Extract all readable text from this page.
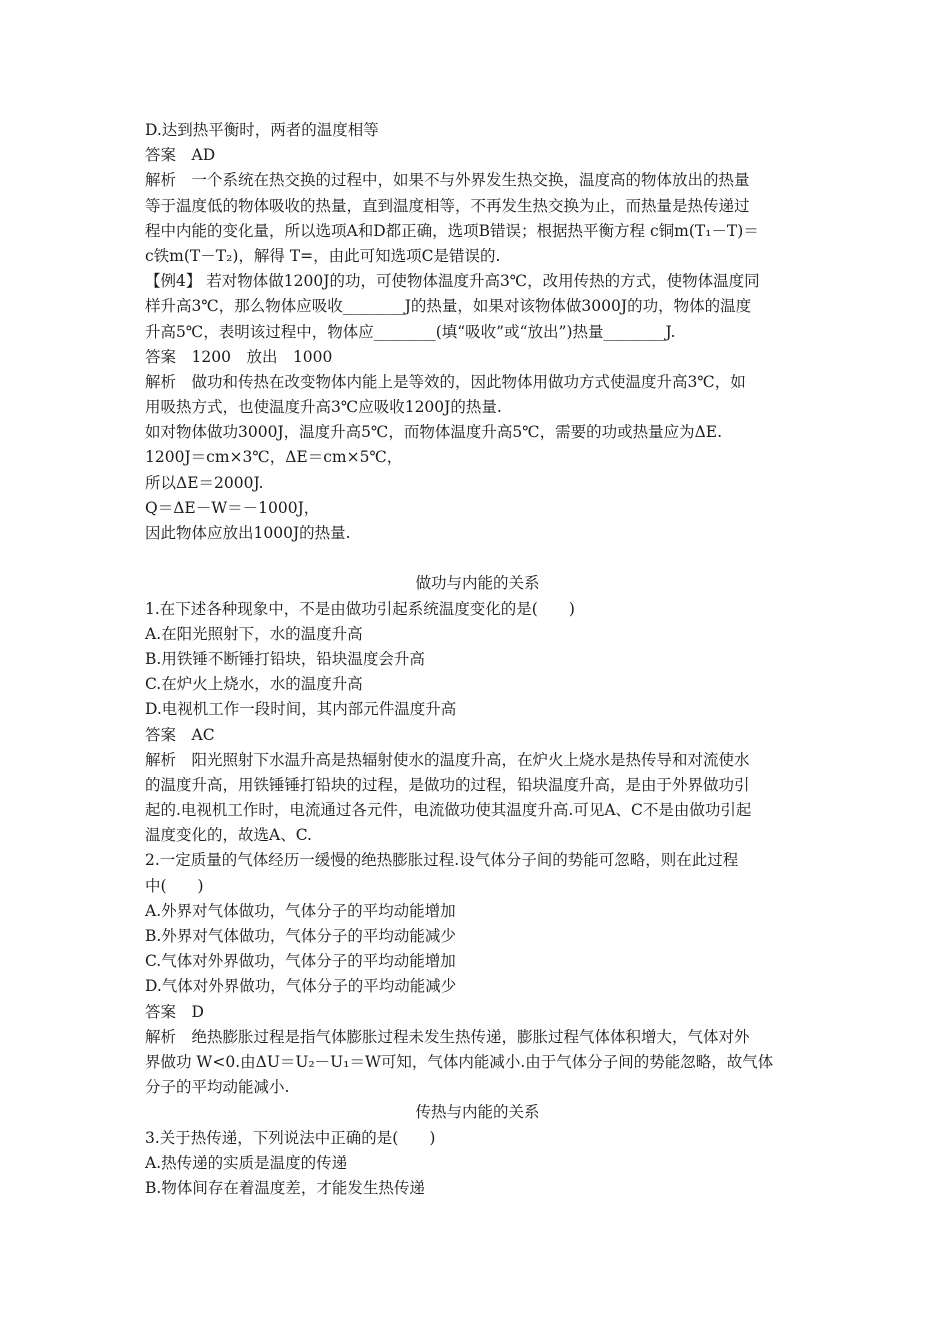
D.达到热平衡时，两者的温度相等
答案　AD
解析　一个系统在热交换的过程中，如果不与外界发生热交换，温度高的物体放出的热量
等于温度低的物体吸收的热量，直到温度相等，不再发生热交换为止，而热量是热传递过
程中内能的变化量，所以选项A和D都正确，选项B错误；根据热平衡方程 c铜m(T₁－T)＝
c铁m(T－T₂)，解得 T=，由此可知选项C是错误的.
【例4】 若对物体做1200J的功，可使物体温度升高3℃，改用传热的方式，使物体温度同
样升高3℃，那么物体应吸收________J的热量，如果对该物体做3000J的功，物体的温度
升高5℃，表明该过程中，物体应________(填“吸收”或“放出”)热量________J.
答案　1200　放出　1000
解析　做功和传热在改变物体内能上是等效的，因此物体用做功方式使温度升高3℃，如
用吸热方式，也使温度升高3℃应吸收1200J的热量.
如对物体做功3000J，温度升高5℃，而物体温度升高5℃，需要的功或热量应为ΔE.
1200J＝cm×3℃，ΔE＝cm×5℃，
所以ΔE＝2000J.
Q＝ΔE－W＝－1000J，
因此物体应放出1000J的热量.
做功与内能的关系
1.在下述各种现象中，不是由做功引起系统温度变化的是(　　)
A.在阳光照射下，水的温度升高
B.用铁锤不断锤打铅块，铅块温度会升高
C.在炉火上烧水，水的温度升高
D.电视机工作一段时间，其内部元件温度升高
答案　AC
解析　阳光照射下水温升高是热辐射使水的温度升高，在炉火上烧水是热传导和对流使水
的温度升高，用铁锤锤打铅块的过程，是做功的过程，铅块温度升高，是由于外界做功引
起的.电视机工作时，电流通过各元件，电流做功使其温度升高.可见A、C不是由做功引起
温度变化的，故选A、C.
2.一定质量的气体经历一缓慢的绝热膨胀过程.设气体分子间的势能可忽略，则在此过程
中(　　)
A.外界对气体做功，气体分子的平均动能增加
B.外界对气体做功，气体分子的平均动能减少
C.气体对外界做功，气体分子的平均动能增加
D.气体对外界做功，气体分子的平均动能减少
答案　D
解析　绝热膨胀过程是指气体膨胀过程未发生热传递，膨胀过程气体体积增大，气体对外
界做功 W<0.由ΔU＝U₂－U₁＝W可知，气体内能减小.由于气体分子间的势能忽略，故气体
分子的平均动能减小.
传热与内能的关系
3.关于热传递，下列说法中正确的是(　　)
A.热传递的实质是温度的传递
B.物体间存在着温度差，才能发生热传递
